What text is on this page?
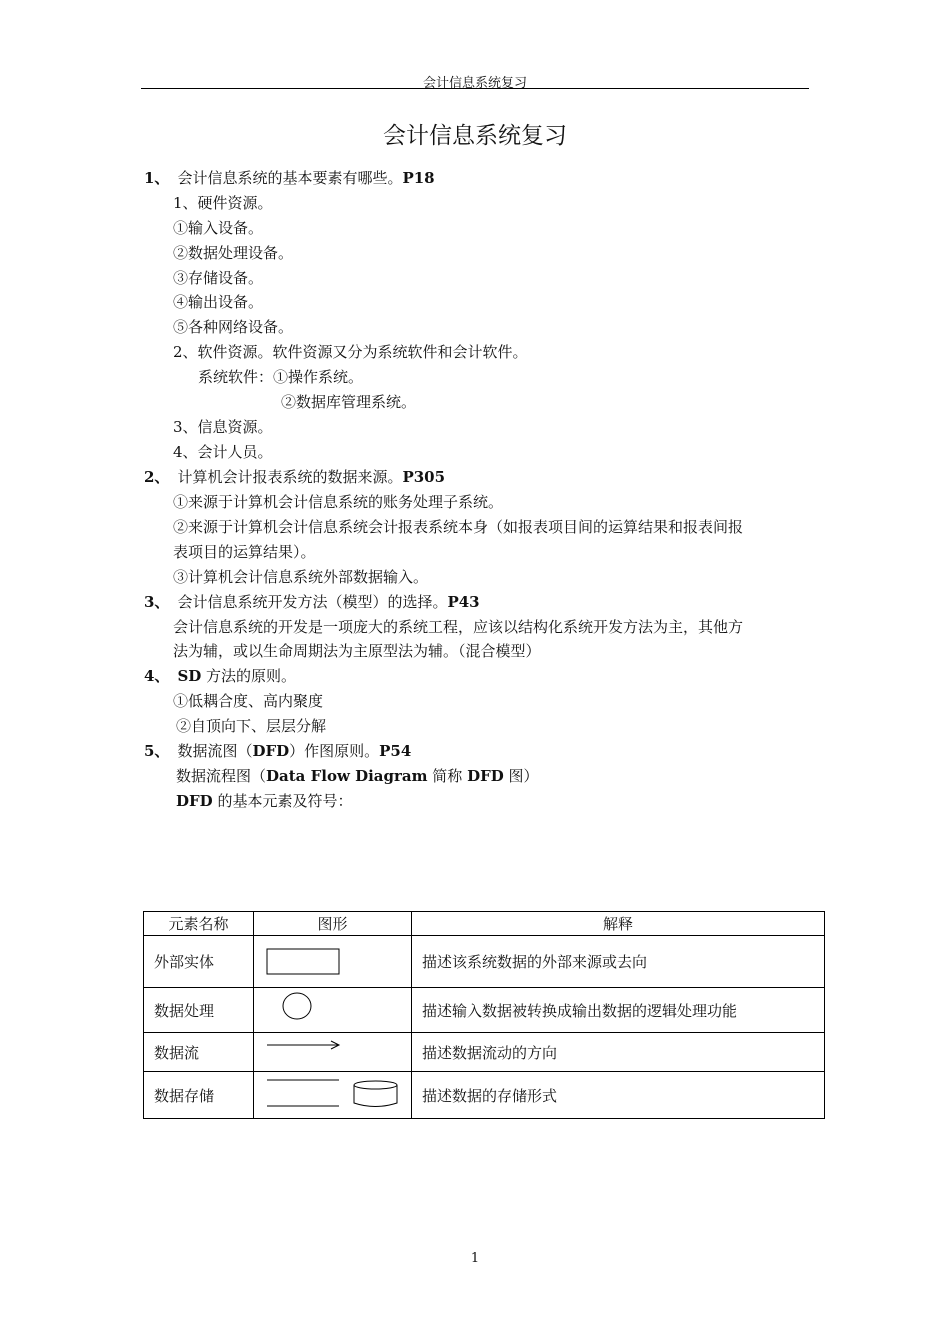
会计信息系统复习
会计信息系统复习
1、 会计信息系统的基本要素有哪些。P18
1、硬件资源。
①输入设备。
②数据处理设备。
③存储设备。
④输出设备。
⑤各种网络设备。
2、软件资源。软件资源又分为系统软件和会计软件。
系统软件：①操作系统。
②数据库管理系统。
3、信息资源。
4、会计人员。
2、 计算机会计报表系统的数据来源。P305
①来源于计算机会计信息系统的账务处理子系统。
②来源于计算机会计信息系统会计报表系统本身（如报表项目间的运算结果和报表间报
表项目的运算结果）。
③计算机会计信息系统外部数据输入。
3、 会计信息系统开发方法（模型）的选择。P43
会计信息系统的开发是一项庞大的系统工程，应该以结构化系统开发方法为主，其他方
法为辅，或以生命周期法为主原型法为辅。（混合模型）
4、 SD 方法的原则。
①低耦合度、高内聚度
②自顶向下、层层分解
5、 数据流图（DFD）作图原则。P54
数据流程图（Data Flow Diagram 简称 DFD 图）
DFD 的基本元素及符号：
元素名称	图形	解释
外部实体		描述该系统数据的外部来源或去向
数据处理		描述输入数据被转换成输出数据的逻辑处理功能
数据流		描述数据流动的方向
数据存储		描述数据的存储形式
1
